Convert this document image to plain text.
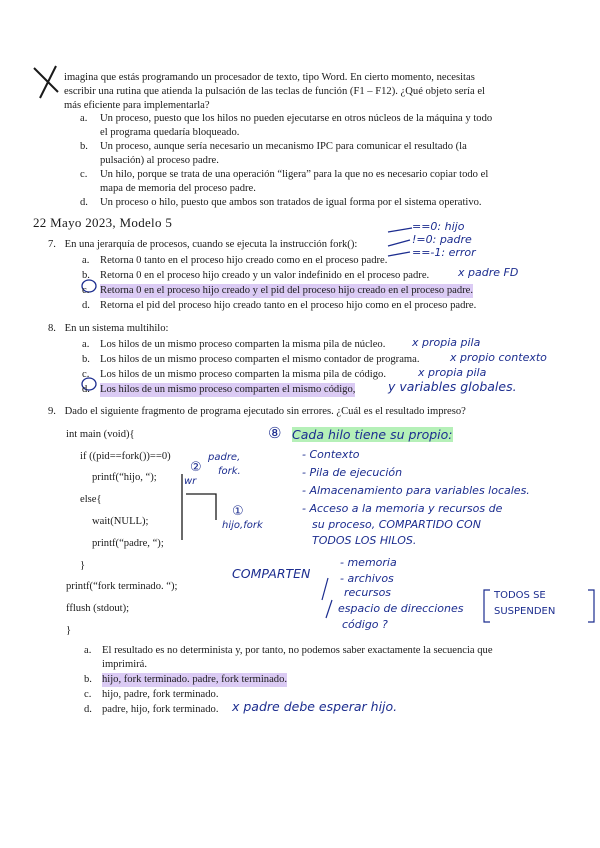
imagina que estás programando un procesador de texto, tipo Word. En cierto momento, necesitas
escribir una rutina que atienda la pulsación de las teclas de función (F1 – F12). ¿Qué objeto sería el
más eficiente para implementarla?
a. Un proceso, puesto que los hilos no pueden ejecutarse en otros núcleos de la máquina y todo
el programa quedaría bloqueado.
b. Un proceso, aunque sería necesario un mecanismo IPC para comunicar el resultado (la
pulsación) al proceso padre.
c. Un hilo, porque se trata de una operación “ligera” para la que no es necesario copiar todo el
mapa de memoria del proceso padre.
d. Un proceso o hilo, puesto que ambos son tratados de igual forma por el sistema operativo.
22 Mayo 2023, Modelo 5
7. En una jerarquía de procesos, cuando se ejecuta la instrucción fork():
==0: hijo
!=0: padre
==-1: error
a. Retorna 0 tanto en el proceso hijo creado como en el proceso padre.
b. Retorna 0 en el proceso hijo creado y un valor indefinido en el proceso padre.
c. Retorna 0 en el proceso hijo creado y el pid del proceso hijo creado en el proceso padre.
d. Retorna el pid del proceso hijo creado tanto en el proceso hijo como en el proceso padre.
x padre FD
8. En un sistema multihilo:
a. Los hilos de un mismo proceso comparten la misma pila de núcleo. x propia pila
b. Los hilos de un mismo proceso comparten el mismo contador de programa.	x propio contexto
c. Los hilos de un mismo proceso comparten la misma pila de código.	x propia pila
d. Los hilos de un mismo proceso comparten el mismo código,	y variables globales.
9. Dado el siguiente fragmento de programa ejecutado sin errores. ¿Cuál es el resultado impreso?
int main (void){
if ((pid==fork())==0)
printf(“hijo, “);
else{
wait(NULL);
printf(“padre, “);
}
printf(“fork terminado. “);
fflush (stdout);
}
②
padre,
fork.
wr
①
hijo,fork
⑧ Cada hilo tiene su propio:
- Contexto
- Pila de ejecución
- Almacenamiento para variables locales.
- Acceso a la memoria y recursos de
su proceso, COMPARTIDO CON
TODOS LOS HILOS.
COMPARTEN
- memoria
- archivos
recursos
espacio de direcciones
código ?
TODOS SE
SUSPENDEN
a. El resultado es no determinista y, por tanto, no podemos saber exactamente la secuencia que
imprimirá.
b. hijo, fork terminado. padre, fork terminado.
c. hijo, padre, fork terminado.
d. padre, hijo, fork terminado. x padre debe esperar hijo.
